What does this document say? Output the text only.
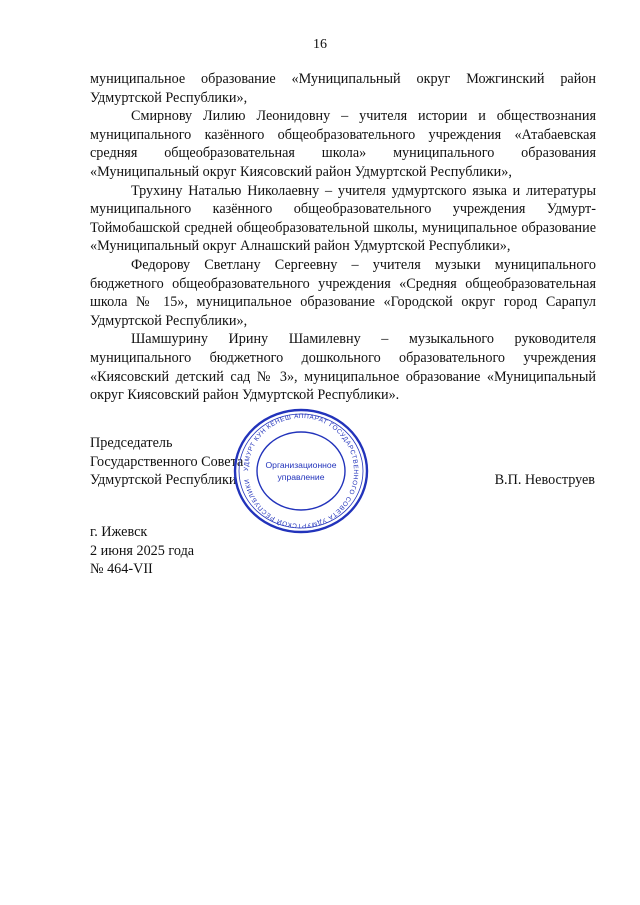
16

муниципальное образование «Муниципальный округ Можгинский район Удмуртской Республики»,

Смирнову Лилию Леонидовну – учителя истории и обществознания муниципального казённого общеобразовательного учреждения «Атабаевская средняя общеобразовательная школа» муниципального образования «Муниципальный округ Киясовский район Удмуртской Республики»,

Трухину Наталью Николаевну – учителя удмуртского языка и литературы муниципального казённого общеобразовательного учреждения Удмурт-Тоймобашской средней общеобразовательной школы, муниципальное образование «Муниципальный округ Алнашский район Удмуртской Республики»,

Федорову Светлану Сергеевну – учителя музыки муниципального бюджетного общеобразовательного учреждения «Средняя общеобразовательная школа № 15», муниципальное образование «Городской округ город Сарапул Удмуртской Республики»,

Шамшурину Ирину Шамилевну – музыкального руководителя муниципального бюджетного дошкольного образовательного учреждения «Киясовский детский сад № 3», муниципальное образование «Муниципальный округ Киясовский район Удмуртской Республики».

Председатель
Государственного Совета
Удмуртской Республики	В.П. Невоструев
г. Ижевск
2 июня 2025 года
№ 464-VII
УДМУРТ КУН КЕНЕШ АППАРАТ ГОСУДАРСТВЕННОГО СОВЕТА УДМУРТСКОЙ РЕСПУБЛИКИ
Организационное
управление
